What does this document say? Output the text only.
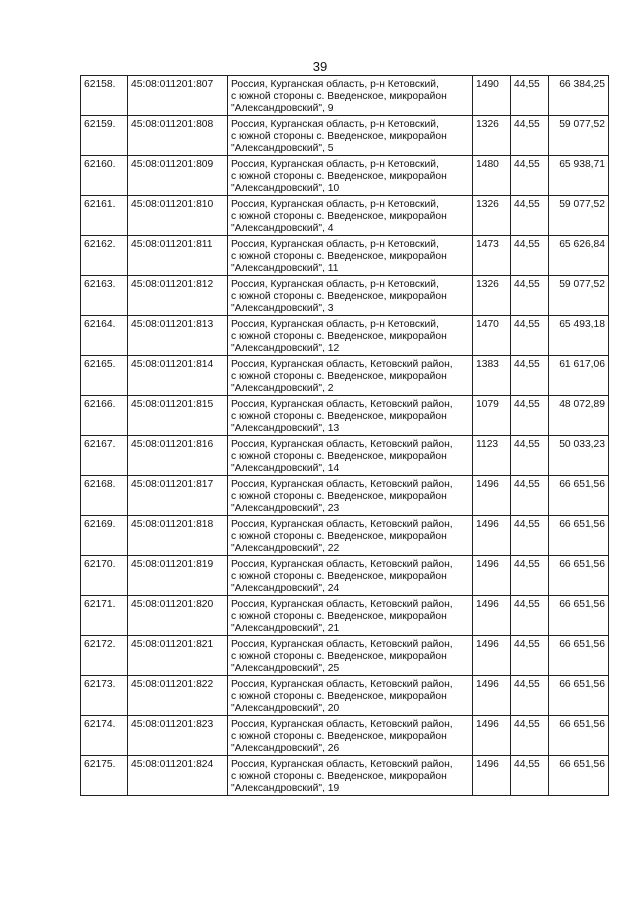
39
62158.	45:08:011201:807	Россия, Курганская область, р-н Кетовский,
с южной стороны с. Введенское, микрорайон
"Александровский", 9	1490	44,55	66 384,25
62159.	45:08:011201:808	Россия, Курганская область, р-н Кетовский,
с южной стороны с. Введенское, микрорайон
"Александровский", 5	1326	44,55	59 077,52
62160.	45:08:011201:809	Россия, Курганская область, р-н Кетовский,
с южной стороны с. Введенское, микрорайон
"Александровский", 10	1480	44,55	65 938,71
62161.	45:08:011201:810	Россия, Курганская область, р-н Кетовский,
с южной стороны с. Введенское, микрорайон
"Александровский", 4	1326	44,55	59 077,52
62162.	45:08:011201:811	Россия, Курганская область, р-н Кетовский,
с южной стороны с. Введенское, микрорайон
"Александровский", 11	1473	44,55	65 626,84
62163.	45:08:011201:812	Россия, Курганская область, р-н Кетовский,
с южной стороны с. Введенское, микрорайон
"Александровский", 3	1326	44,55	59 077,52
62164.	45:08:011201:813	Россия, Курганская область, р-н Кетовский,
с южной стороны с. Введенское, микрорайон
"Александровский", 12	1470	44,55	65 493,18
62165.	45:08:011201:814	Россия, Курганская область, Кетовский район,
с южной стороны с. Введенское, микрорайон
"Александровский", 2	1383	44,55	61 617,06
62166.	45:08:011201:815	Россия, Курганская область, Кетовский район,
с южной стороны с. Введенское, микрорайон
"Александровский", 13	1079	44,55	48 072,89
62167.	45:08:011201:816	Россия, Курганская область, Кетовский район,
с южной стороны с. Введенское, микрорайон
"Александровский", 14	1123	44,55	50 033,23
62168.	45:08:011201:817	Россия, Курганская область, Кетовский район,
с южной стороны с. Введенское, микрорайон
"Александровский", 23	1496	44,55	66 651,56
62169.	45:08:011201:818	Россия, Курганская область, Кетовский район,
с южной стороны с. Введенское, микрорайон
"Александровский", 22	1496	44,55	66 651,56
62170.	45:08:011201:819	Россия, Курганская область, Кетовский район,
с южной стороны с. Введенское, микрорайон
"Александровский", 24	1496	44,55	66 651,56
62171.	45:08:011201:820	Россия, Курганская область, Кетовский район,
с южной стороны с. Введенское, микрорайон
"Александровский", 21	1496	44,55	66 651,56
62172.	45:08:011201:821	Россия, Курганская область, Кетовский район,
с южной стороны с. Введенское, микрорайон
"Александровский", 25	1496	44,55	66 651,56
62173.	45:08:011201:822	Россия, Курганская область, Кетовский район,
с южной стороны с. Введенское, микрорайон
"Александровский", 20	1496	44,55	66 651,56
62174.	45:08:011201:823	Россия, Курганская область, Кетовский район,
с южной стороны с. Введенское, микрорайон
"Александровский", 26	1496	44,55	66 651,56
62175.	45:08:011201:824	Россия, Курганская область, Кетовский район,
с южной стороны с. Введенское, микрорайон
"Александровский", 19	1496	44,55	66 651,56
